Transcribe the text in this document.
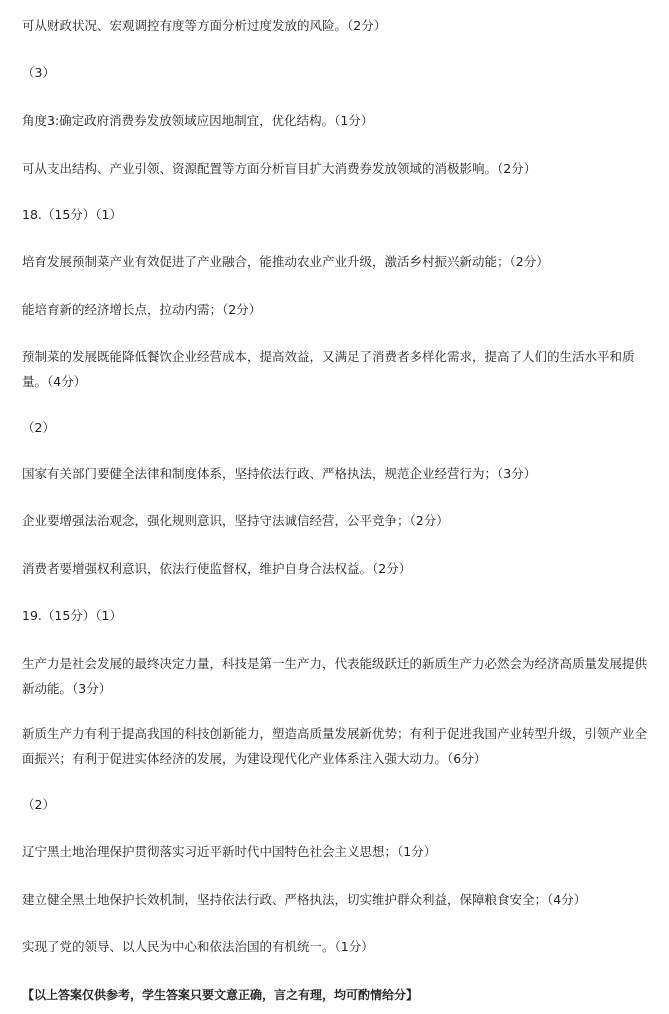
可从财政状况、宏观调控有度等方面分析过度发放的风险。（2分）
（3）
角度3:确定政府消费券发放领域应因地制宜，优化结构。（1分）
可从支出结构、产业引领、资源配置等方面分析盲目扩大消费券发放领域的消极影响。（2分）
18.（15分）（1）
培育发展预制菜产业有效促进了产业融合，能推动农业产业升级，激活乡村振兴新动能；（2分）
能培育新的经济增长点，拉动内需；（2分）
预制菜的发展既能降低餐饮企业经营成本，提高效益，又满足了消费者多样化需求，提高了人们的生活水平和质量。（4分）
（2）
国家有关部门要健全法律和制度体系，坚持依法行政、严格执法，规范企业经营行为；（3分）
企业要增强法治观念，强化规则意识，坚持守法诚信经营，公平竞争；（2分）
消费者要增强权利意识，依法行使监督权，维护自身合法权益。（2分）
19.（15分）（1）
生产力是社会发展的最终决定力量，科技是第一生产力，代表能级跃迁的新质生产力必然会为经济高质量发展提供新动能。（3分）
新质生产力有利于提高我国的科技创新能力，塑造高质量发展新优势；有利于促进我国产业转型升级，引领产业全面振兴；有利于促进实体经济的发展，为建设现代化产业体系注入强大动力。（6分）
（2）
辽宁黑土地治理保护贯彻落实习近平新时代中国特色社会主义思想；（1分）
建立健全黑土地保护长效机制，坚持依法行政、严格执法，切实维护群众利益，保障粮食安全；（4分）
实现了党的领导、以人民为中心和依法治国的有机统一。（1分）
【以上答案仅供参考，学生答案只要文意正确，言之有理，均可酌情给分】
